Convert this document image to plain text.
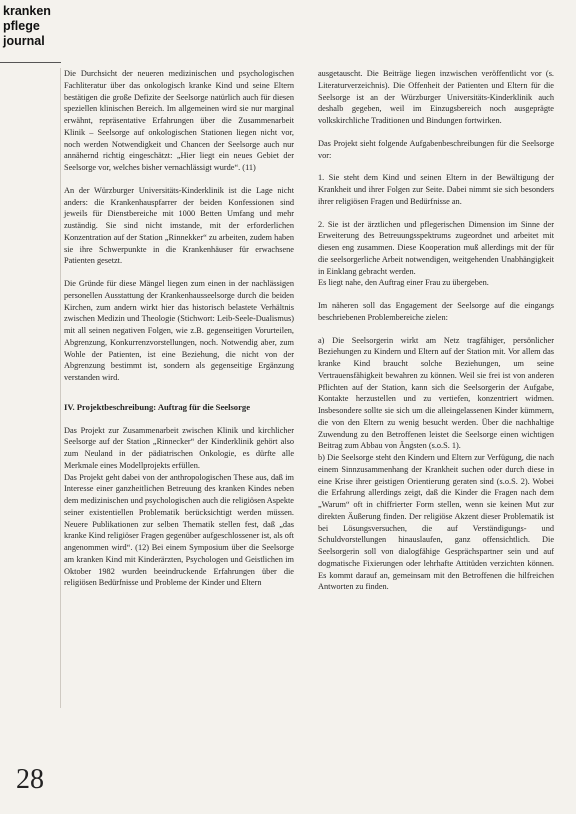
kranken
pflege
journal

Die Durchsicht der neueren medizinischen und psychologischen Fachliteratur über das onkologisch kranke Kind und seine Eltern bestätigen die große Defizite der Seelsorge natürlich auch für diesen speziellen klinischen Bereich. Im allgemeinen wird sie nur marginal erwähnt, repräsentative Erfahrungen über die Zusammenarbeit Klinik – Seelsorge auf onkologischen Stationen liegen nicht vor, noch werden Notwendigkeit und Chancen der Seelsorge auch nur annähernd richtig eingeschätzt: „Hier liegt ein neues Gebiet der Seelsorge vor, welches bisher vernachlässigt wurde“. (11)

An der Würzburger Universitäts-Kinderklinik ist die Lage nicht anders: die Krankenhauspfarrer der beiden Konfessionen sind jeweils für Dienstbereiche mit 1000 Betten Umfang und mehr zuständig. Sie sind nicht imstande, mit der erforderlichen Konzentration auf der Station „Rinnekker“ zu arbeiten, zudem haben sie ihre Schwerpunkte in die Krankenhäuser für erwachsene Patienten gesetzt.

Die Gründe für diese Mängel liegen zum einen in der nachlässigen personellen Ausstattung der Krankenhausseelsorge durch die beiden Kirchen, zum andern wirkt hier das historisch belastete Verhältnis zwischen Medizin und Theologie (Stichwort: Leib-Seele-Dualismus) mit all seinen negativen Folgen, wie z.B. gegenseitigen Vorurteilen, Abgrenzung, Konkurrenzvorstellungen, noch. Notwendig aber, zum Wohle der Patienten, ist eine Beziehung, die nicht von der Abgrenzung bestimmt ist, sondern als gegenseitige Ergänzung verstanden wird.

IV. Projektbeschreibung: Auftrag für die Seelsorge

Das Projekt zur Zusammenarbeit zwischen Klinik und kirchlicher Seelsorge auf der Station „Rinnecker“ der Kinderklinik gehört also zum Neuland in der pädiatrischen Onkologie, es dürfte alle Merkmale eines Modellprojekts erfüllen.

Das Projekt geht dabei von der anthropologischen These aus, daß im Interesse einer ganzheitlichen Betreuung des kranken Kindes neben dem medizinischen und psychologischen auch die religiösen Aspekte seiner existentiellen Problematik berücksichtigt werden müssen. Neuere Publikationen zur selben Thematik stellen fest, daß „das kranke Kind religiöser Fragen gegenüber aufgeschlossener ist, als oft angenommen wird“. (12) Bei einem Symposium über die Seelsorge am kranken Kind mit Kinderärzten, Psychologen und Geistlichen im Oktober 1982 wurden beeindruckende Erfahrungen über die religiösen Bedürfnisse und Probleme der Kinder und Eltern

ausgetauscht. Die Beiträge liegen inzwischen veröffentlicht vor (s. Literaturverzeichnis). Die Offenheit der Patienten und Eltern für die Seelsorge ist an der Würzburger Universitäts-Kinderklinik auch deshalb gegeben, weil im Einzugsbereich noch ausgeprägte volkskirchliche Traditionen und Bindungen fortwirken.

Das Projekt sieht folgende Aufgabenbeschreibungen für die Seelsorge vor:

1. Sie steht dem Kind und seinen Eltern in der Bewältigung der Krankheit und ihrer Folgen zur Seite. Dabei nimmt sie sich besonders ihrer religiösen Fragen und Bedürfnisse an.

2. Sie ist der ärztlichen und pflegerischen Dimension im Sinne der Erweiterung des Betreuungsspektrums zugeordnet und arbeitet mit diesen eng zusammen. Diese Kooperation muß allerdings mit der für die seelsorgerliche Arbeit notwendigen, weitgehenden Unabhängigkeit in Einklang gebracht werden.

Es liegt nahe, den Auftrag einer Frau zu übergeben.

Im näheren soll das Engagement der Seelsorge auf die eingangs beschriebenen Problembereiche zielen:

a) Die Seelsorgerin wirkt am Netz tragfähiger, persönlicher Beziehungen zu Kindern und Eltern auf der Station mit. Vor allem das kranke Kind braucht solche Beziehungen, um seine Vertrauensfähigkeit bewahren zu können. Weil sie frei ist von anderen Pflichten auf der Station, kann sich die Seelsorgerin der Aufgabe, Kontakte herzustellen und zu vertiefen, konzentriert widmen. Insbesondere sollte sie sich um die alleingelassenen Kinder kümmern, die von den Eltern zu wenig besucht werden. Über die nachhaltige Zuwendung zu den Betroffenen leistet die Seelsorge einen wichtigen Beitrag zum Abbau von Ängsten (s.o.S. 1).

b) Die Seelsorge steht den Kindern und Eltern zur Verfügung, die nach einem Sinnzusammenhang der Krankheit suchen oder durch diese in eine Krise ihrer geistigen Orientierung geraten sind (s.o.S. 2). Wobei die Erfahrung allerdings zeigt, daß die Kinder die Fragen nach dem „Warum“ oft in chiffrierter Form stellen, wenn sie keinen Mut zur direkten Äußerung finden. Der religiöse Akzent dieser Problematik ist bei Lösungsversuchen, die auf Verständigungs- und Schuldvorstellungen hinauslaufen, ganz offensichtlich. Die Seelsorgerin soll von dialogfähige Gesprächspartner sein und auf dogmatische Fixierungen oder lehrhafte Attitüden verzichten können. Es kommt darauf an, gemeinsam mit den Betroffenen die hilfreichen Antworten zu finden.

28
